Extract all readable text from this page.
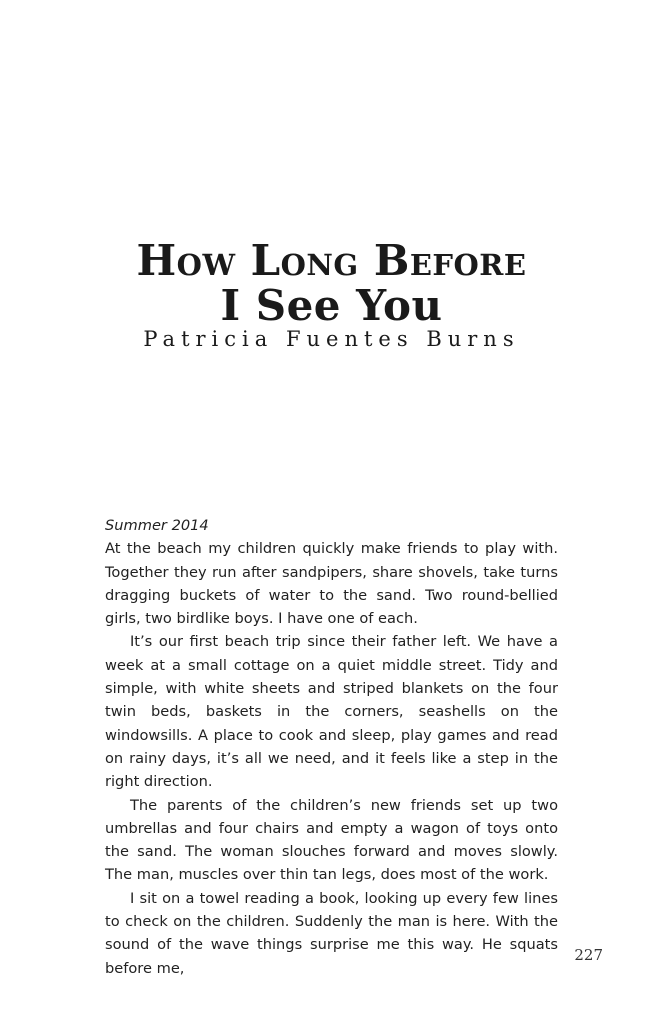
How Long Before
I See You

Patricia Fuentes Burns

Summer 2014

At the beach my children quickly make friends to play with. Together they run after sandpipers, share shovels, take turns dragging buckets of water to the sand. Two round-bellied girls, two birdlike boys. I have one of each.

It’s our first beach trip since their father left. We have a week at a small cottage on a quiet middle street. Tidy and simple, with white sheets and striped blankets on the four twin beds, baskets in the corners, seashells on the windowsills. A place to cook and sleep, play games and read on rainy days, it’s all we need, and it feels like a step in the right direction.

The parents of the children’s new friends set up two umbrellas and four chairs and empty a wagon of toys onto the sand. The woman slouches forward and moves slowly. The man, muscles over thin tan legs, does most of the work.

I sit on a towel reading a book, looking up every few lines to check on the children. Suddenly the man is here. With the sound of the wave things surprise me this way. He squats before me,

227
